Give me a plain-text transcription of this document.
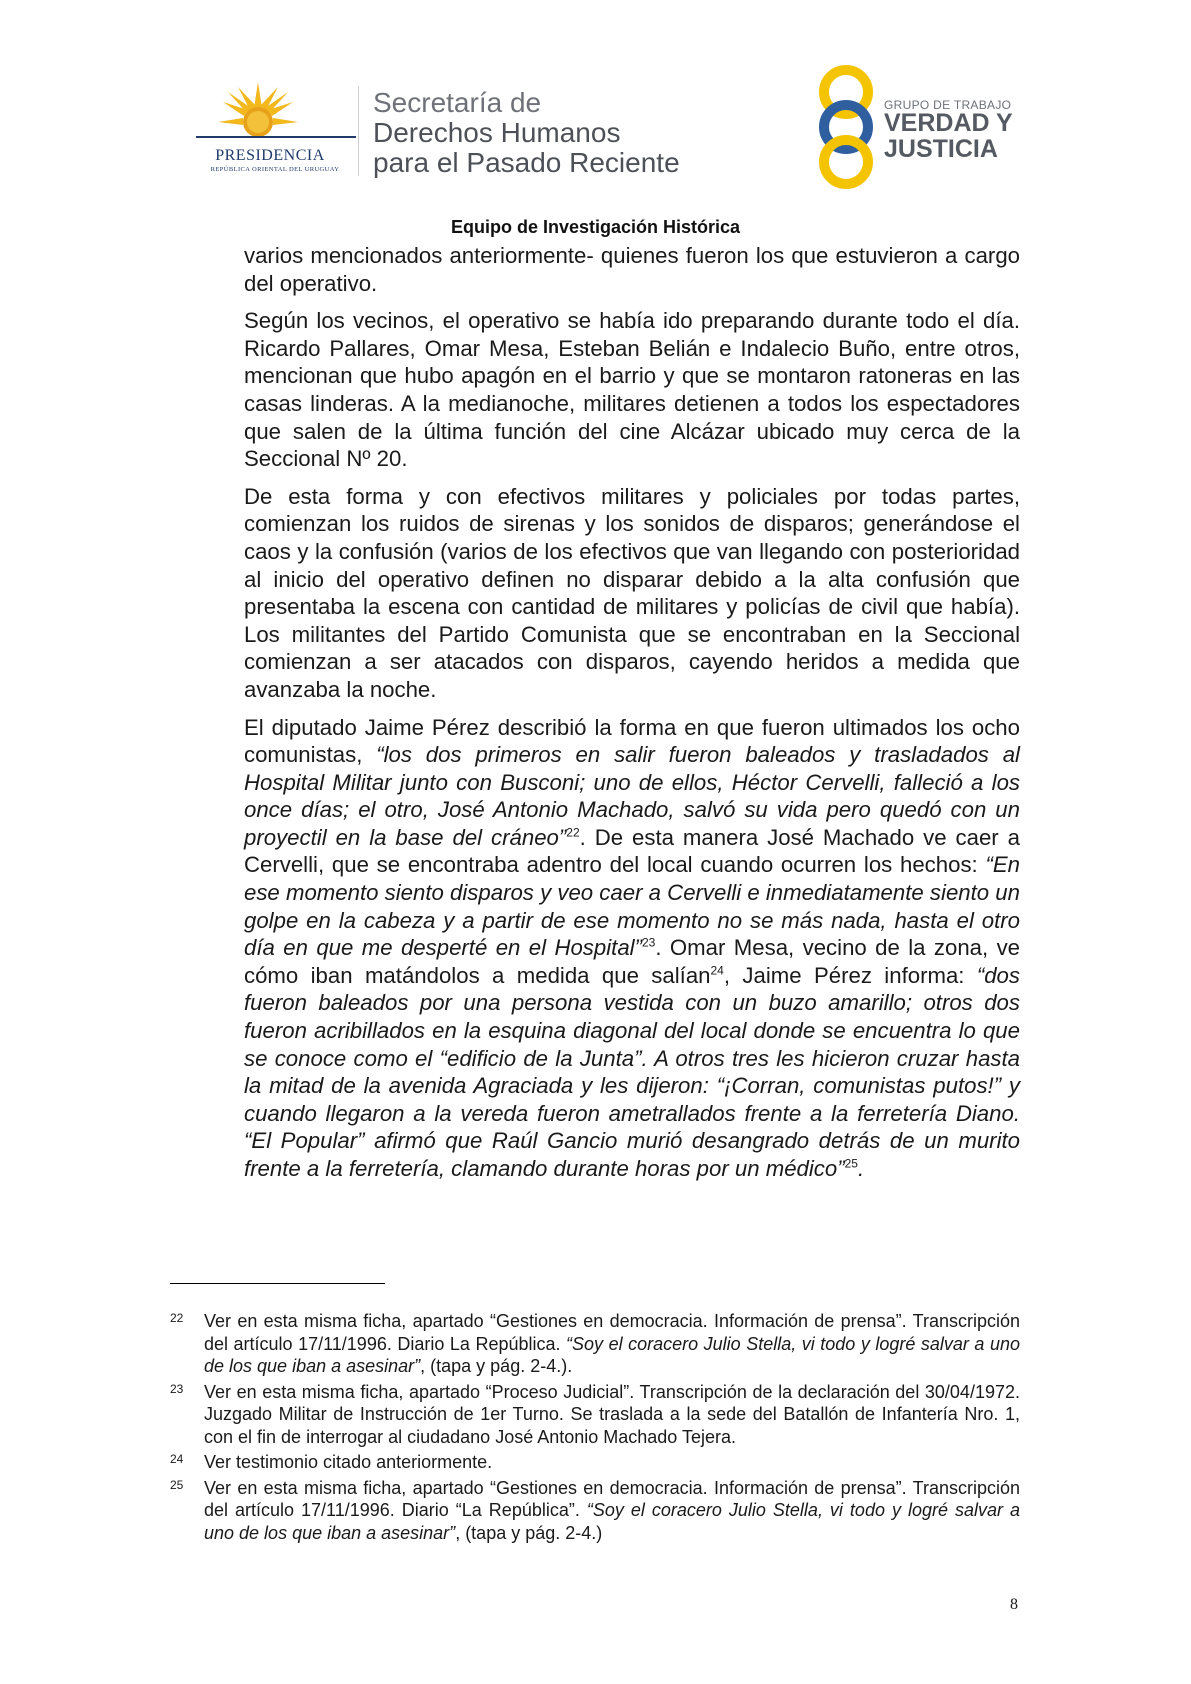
PRESIDENCIA
REPÚBLICA ORIENTAL DEL URUGUAY
Secretaría de
Derechos Humanos
para el Pasado Reciente
GRUPO DE TRABAJO
VERDAD Y
JUSTICIA
Equipo de Investigación Histórica

varios mencionados anteriormente- quienes fueron los que estuvieron a cargo del operativo.

Según los vecinos, el operativo se había ido preparando durante todo el día. Ricardo Pallares, Omar Mesa, Esteban Belián e Indalecio Buño, entre otros, mencionan que hubo apagón en el barrio y que se montaron ratoneras en las casas linderas. A la medianoche, militares detienen a todos los espectadores que salen de la última función del cine Alcázar ubicado muy cerca de la Seccional Nº 20.

De esta forma y con efectivos militares y policiales por todas partes, comienzan los ruidos de sirenas y los sonidos de disparos; generándose el caos y la confusión (varios de los efectivos que van llegando con posterioridad al inicio del operativo definen no disparar debido a la alta confusión que presentaba la escena con cantidad de militares y policías de civil que había). Los militantes del Partido Comunista que se encontraban en la Seccional comienzan a ser atacados con disparos, cayendo heridos a medida que avanzaba la noche.

El diputado Jaime Pérez describió la forma en que fueron ultimados los ocho comunistas, “los dos primeros en salir fueron baleados y trasladados al Hospital Militar junto con Busconi; uno de ellos, Héctor Cervelli, falleció a los once días; el otro, José Antonio Machado, salvó su vida pero quedó con un proyectil en la base del cráneo”$^{22}$. De esta manera José Machado ve caer a Cervelli, que se encontraba adentro del local cuando ocurren los hechos: “En ese momento siento disparos y veo caer a Cervelli e inmediatamente siento un golpe en la cabeza y a partir de ese momento no se más nada, hasta el otro día en que me desperté en el Hospital”$^{23}$. Omar Mesa, vecino de la zona, ve cómo iban matándolos a medida que salían$^{24}$, Jaime Pérez informa: “dos fueron baleados por una persona vestida con un buzo amarillo; otros dos fueron acribillados en la esquina diagonal del local donde se encuentra lo que se conoce como el “edificio de la Junta”. A otros tres les hicieron cruzar hasta la mitad de la avenida Agraciada y les dijeron: “¡Corran, comunistas putos!” y cuando llegaron a la vereda fueron ametrallados frente a la ferretería Diano. “El Popular” afirmó que Raúl Gancio murió desangrado detrás de un murito frente a la ferretería, clamando durante horas por un médico”$^{25}$.

22	Ver en esta misma ficha, apartado “Gestiones en democracia. Información de prensa”. Transcripción del artículo 17/11/1996. Diario La República. “Soy el coracero Julio Stella, vi todo y logré salvar a uno de los que iban a asesinar”, (tapa y pág. 2-4.).
23	Ver en esta misma ficha, apartado “Proceso Judicial”. Transcripción de la declaración del 30/04/1972. Juzgado Militar de Instrucción de 1er Turno. Se traslada a la sede del Batallón de Infantería Nro. 1, con el fin de interrogar al ciudadano José Antonio Machado Tejera.
24	Ver testimonio citado anteriormente.
25	Ver en esta misma ficha, apartado “Gestiones en democracia. Información de prensa”. Transcripción del artículo 17/11/1996. Diario “La República”. “Soy el coracero Julio Stella, vi todo y logré salvar a uno de los que iban a asesinar”, (tapa y pág. 2-4.)
8
